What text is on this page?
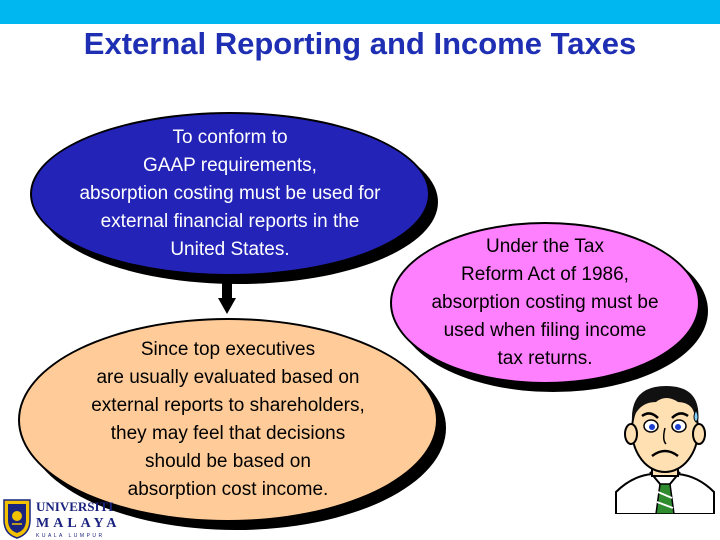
External Reporting and Income Taxes
To conform to
GAAP requirements,
absorption costing must be used for
external financial reports in the
United States.	Under the Tax
Reform Act of 1986,
absorption costing must be
used when filing income
tax returns.
Since top executives
are usually evaluated based on
external reports to shareholders,
they may feel that decisions
should be based on
absorption cost income.
UNIVERSITI
MALAYA
KUALA LUMPUR
